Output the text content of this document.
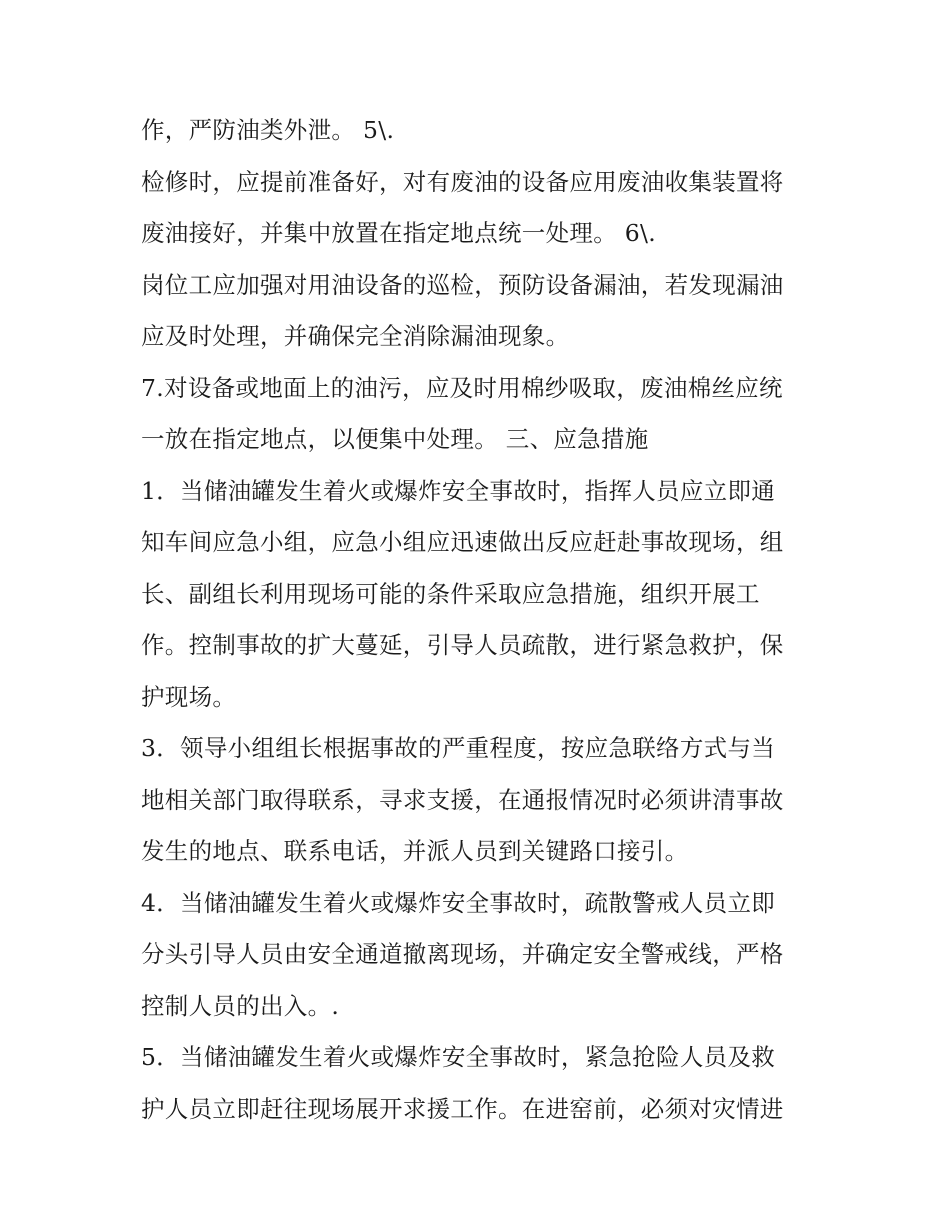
作，严防油类外泄。 5\.
检修时，应提前准备好，对有废油的设备应用废油收集装置将
废油接好，并集中放置在指定地点统一处理。 6\.
岗位工应加强对用油设备的巡检，预防设备漏油，若发现漏油
应及时处理，并确保完全消除漏油现象。
7.对设备或地面上的油污，应及时用棉纱吸取，废油棉丝应统
一放在指定地点，以便集中处理。 三、应急措施
1．当储油罐发生着火或爆炸安全事故时，指挥人员应立即通
知车间应急小组，应急小组应迅速做出反应赶赴事故现场，组
长、副组长利用现场可能的条件采取应急措施，组织开展工
作。控制事故的扩大蔓延，引导人员疏散，进行紧急救护，保
护现场。
3．领导小组组长根据事故的严重程度，按应急联络方式与当
地相关部门取得联系，寻求支援，在通报情况时必须讲清事故
发生的地点、联系电话，并派人员到关键路口接引。
4．当储油罐发生着火或爆炸安全事故时，疏散警戒人员立即
分头引导人员由安全通道撤离现场，并确定安全警戒线，严格
控制人员的出入。.
5．当储油罐发生着火或爆炸安全事故时，紧急抢险人员及救
护人员立即赶往现场展开求援工作。在进窑前，必须对灾情进
